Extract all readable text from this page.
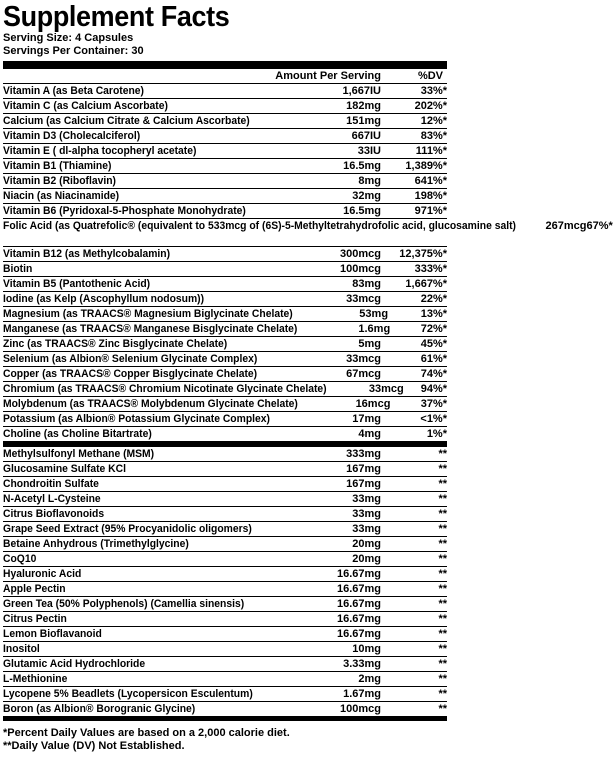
Supplement Facts
Serving Size: 4 Capsules
Servings Per Container: 30
Amount Per Serving	%DV
Vitamin A (as Beta Carotene)	1,667IU	33%*
Vitamin C (as Calcium Ascorbate)	182mg	202%*
Calcium (as Calcium Citrate & Calcium Ascorbate)	151mg	12%*
Vitamin D3 (Cholecalciferol)	667IU	83%*
Vitamin E ( dl-alpha tocopheryl acetate)	33IU	111%*
Vitamin B1 (Thiamine)	16.5mg	1,389%*
Vitamin B2 (Riboflavin)	8mg	641%*
Niacin (as Niacinamide)	32mg	198%*
Vitamin B6 (Pyridoxal-5-Phosphate Monohydrate)	16.5mg	971%*
Folic Acid (as Quatrefolic® (equivalent to 533mcg of (6S)-5-Methyltetrahydrofolic acid, glucosamine salt)	267mcg 67%*
Vitamin B12 (as Methylcobalamin)	300mcg	12,375%*
Biotin	100mcg	333%*
Vitamin B5 (Pantothenic Acid)	83mg	1,667%*
Iodine (as Kelp (Ascophyllum nodosum))	33mcg	22%*
Magnesium (as TRAACS® Magnesium Biglycinate Chelate)	53mg	13%*
Manganese (as TRAACS® Manganese Bisglycinate Chelate)	1.6mg	72%*
Zinc (as TRAACS® Zinc Bisglycinate Chelate)	5mg	45%*
Selenium (as Albion® Selenium Glycinate Complex)	33mcg	61%*
Copper (as TRAACS® Copper Bisglycinate Chelate)	67mcg	74%*
Chromium (as TRAACS® Chromium Nicotinate Glycinate Chelate)	33mcg	94%*
Molybdenum (as TRAACS® Molybdenum Glycinate Chelate)	16mcg	37%*
Potassium (as Albion® Potassium Glycinate Complex)	17mg	<1%*
Choline (as Choline Bitartrate)	4mg	1%*
Methylsulfonyl Methane (MSM)	333mg	**
Glucosamine Sulfate KCl	167mg	**
Chondroitin Sulfate	167mg	**
N-Acetyl L-Cysteine	33mg	**
Citrus Bioflavonoids	33mg	**
Grape Seed Extract (95% Procyanidolic oligomers)	33mg	**
Betaine Anhydrous (Trimethylglycine)	20mg	**
CoQ10	20mg	**
Hyaluronic Acid	16.67mg	**
Apple Pectin	16.67mg	**
Green Tea (50% Polyphenols) (Camellia sinensis)	16.67mg	**
Citrus Pectin	16.67mg	**
Lemon Bioflavanoid	16.67mg	**
Inositol	10mg	**
Glutamic Acid Hydrochloride	3.33mg	**
L-Methionine	2mg	**
Lycopene 5% Beadlets (Lycopersicon Esculentum)	1.67mg	**
Boron (as Albion® Borogranic Glycine)	100mcg	**
*Percent Daily Values are based on a 2,000 calorie diet.
**Daily Value (DV) Not Established.
